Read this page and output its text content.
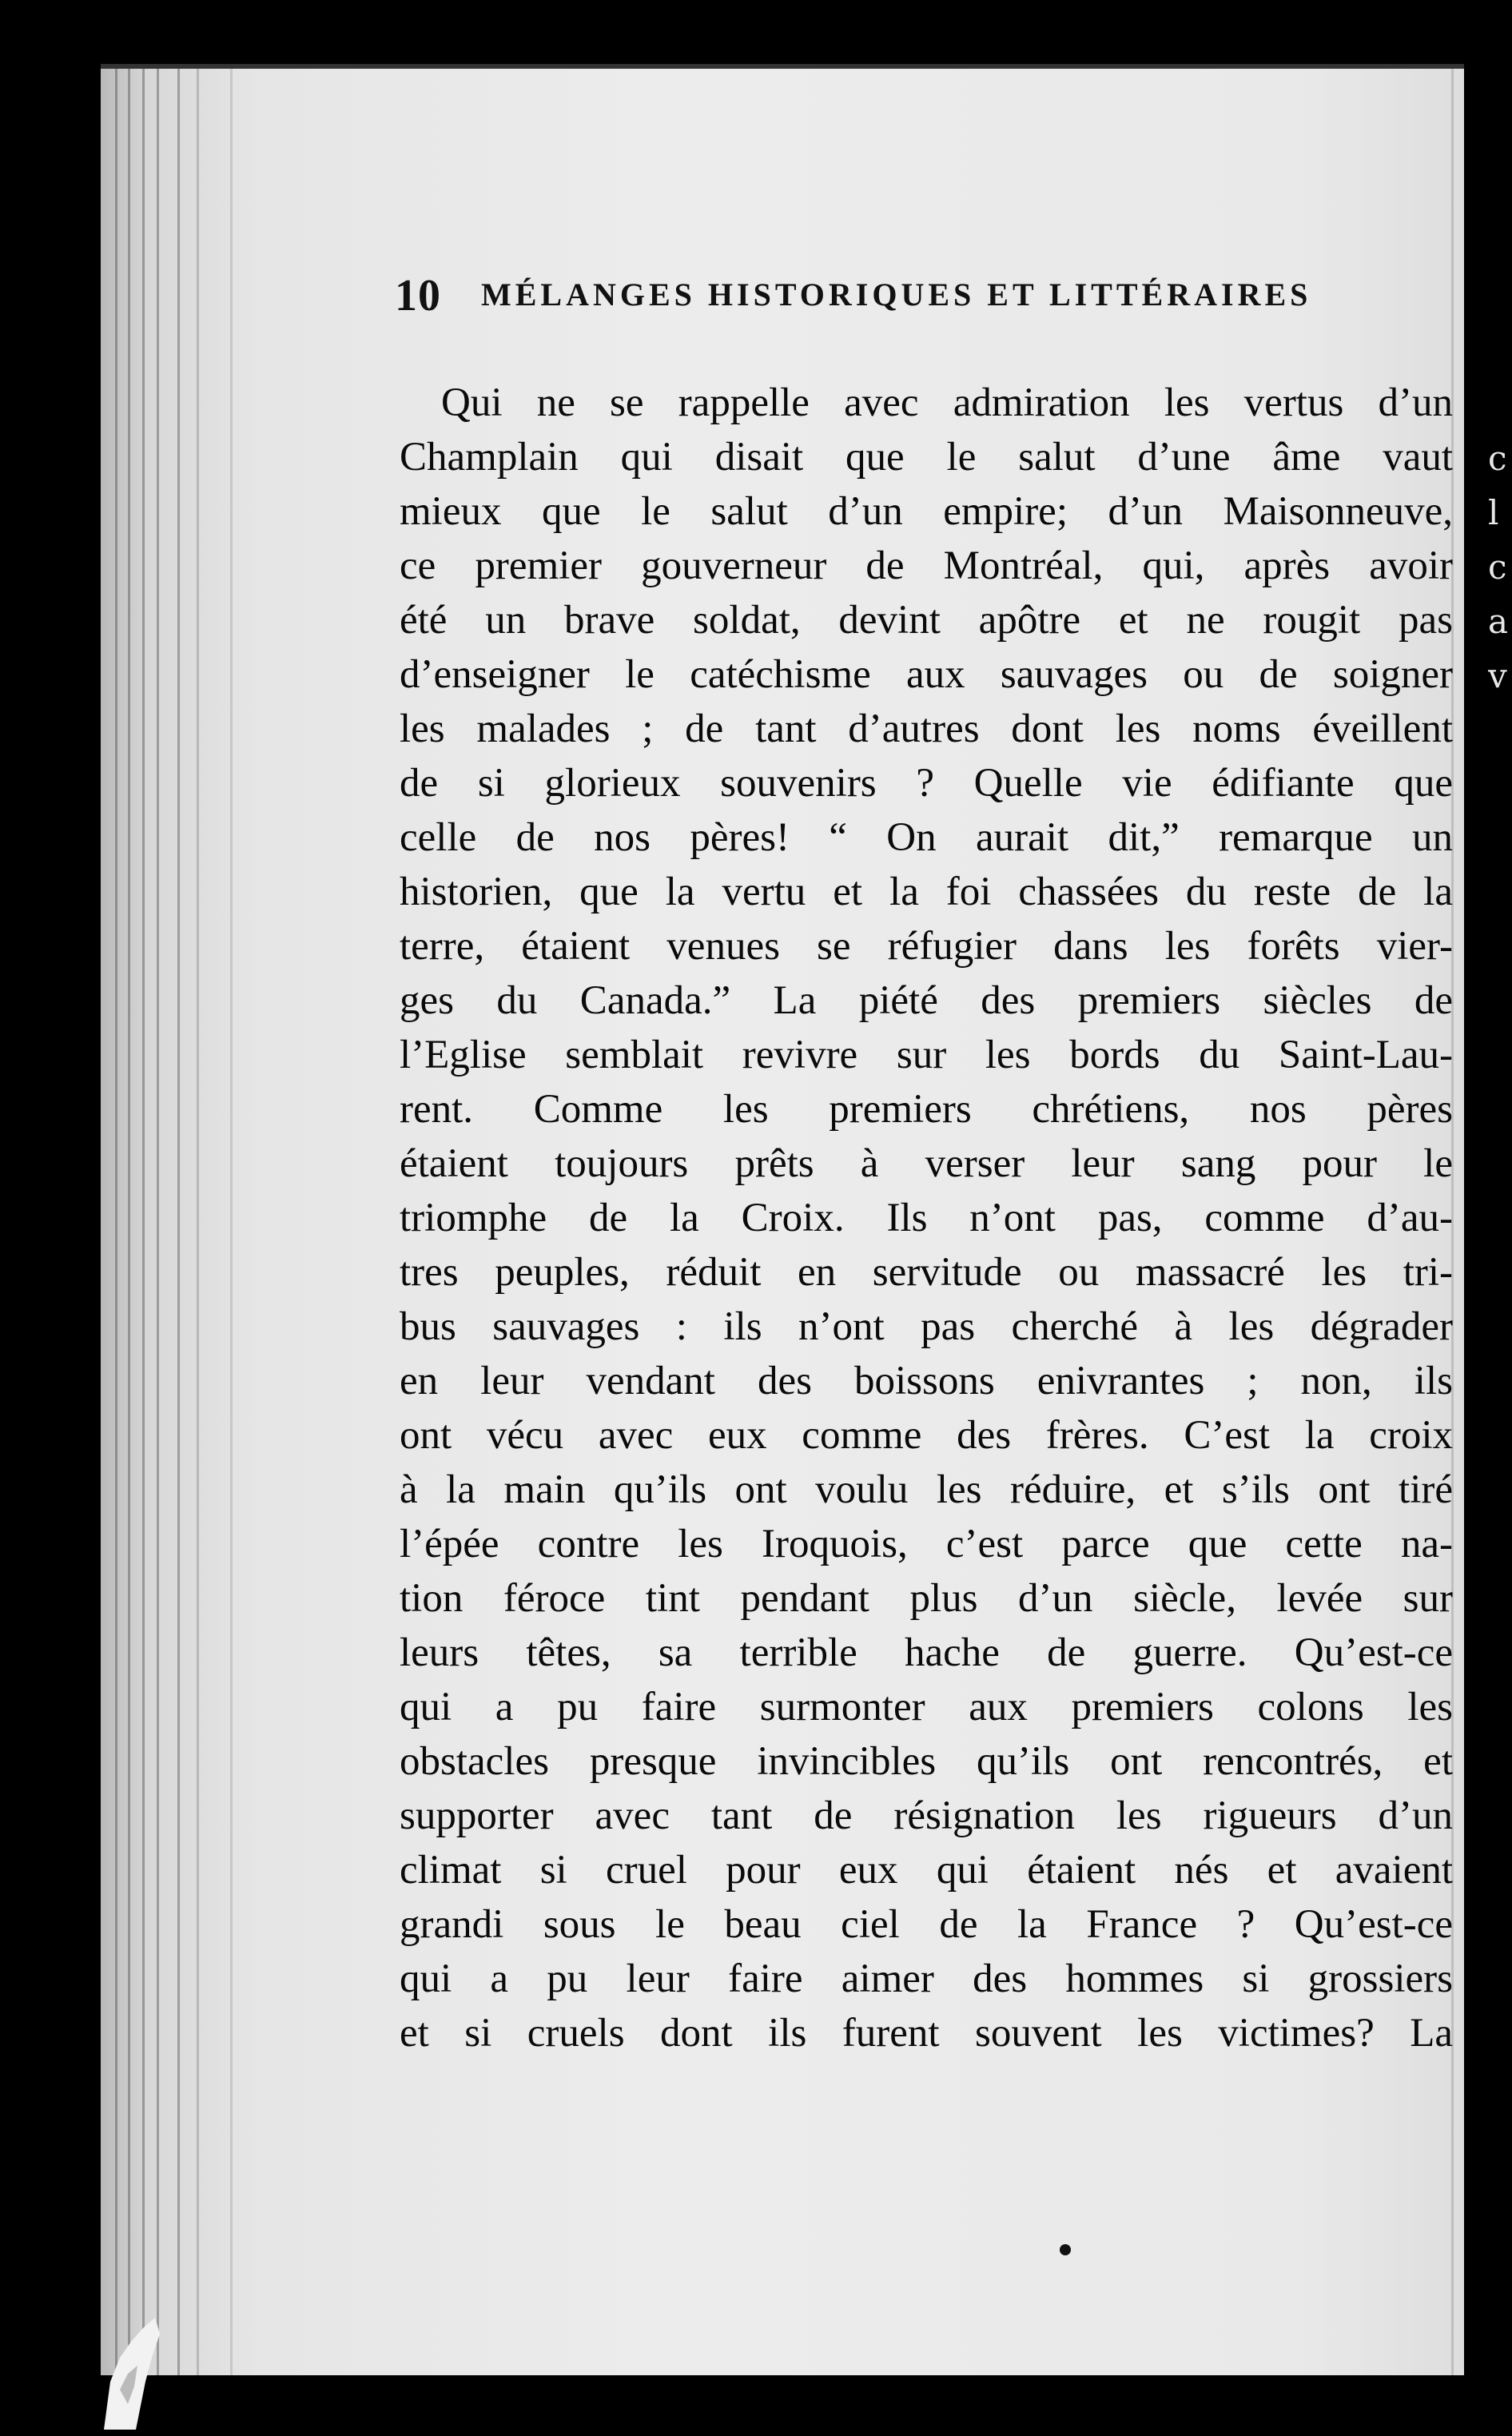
10 MÉLANGES HISTORIQUES ET LITTÉRAIRES
Qui ne se rappelle avec admiration les vertus d’un
Champlain qui disait que le salut d’une âme vaut
mieux que le salut d’un empire; d’un Maisonneuve,
ce premier gouverneur de Montréal, qui, après avoir
été un brave soldat, devint apôtre et ne rougit pas
d’enseigner le catéchisme aux sauvages ou de soigner
les malades ; de tant d’autres dont les noms éveillent
de si glorieux souvenirs ? Quelle vie édifiante que
celle de nos pères! “ On aurait dit,” remarque un
historien, que la vertu et la foi chassées du reste de la
terre, étaient venues se réfugier dans les forêts vier-
ges du Canada.” La piété des premiers siècles de
l’Eglise semblait revivre sur les bords du Saint-Lau-
rent. Comme les premiers chrétiens, nos pères
étaient toujours prêts à verser leur sang pour le
triomphe de la Croix. Ils n’ont pas, comme d’au-
tres peuples, réduit en servitude ou massacré les tri-
bus sauvages : ils n’ont pas cherché à les dégrader
en leur vendant des boissons enivrantes ; non, ils
ont vécu avec eux comme des frères. C’est la croix
à la main qu’ils ont voulu les réduire, et s’ils ont tiré
l’épée contre les Iroquois, c’est parce que cette na-
tion féroce tint pendant plus d’un siècle, levée sur
leurs têtes, sa terrible hache de guerre. Qu’est-ce
qui a pu faire surmonter aux premiers colons les
obstacles presque invincibles qu’ils ont rencontrés, et
supporter avec tant de résignation les rigueurs d’un
climat si cruel pour eux qui étaient nés et avaient
grandi sous le beau ciel de la France ? Qu’est-ce
qui a pu leur faire aimer des hommes si grossiers
et si cruels dont ils furent souvent les victimes? La
c
l
c
a
v
